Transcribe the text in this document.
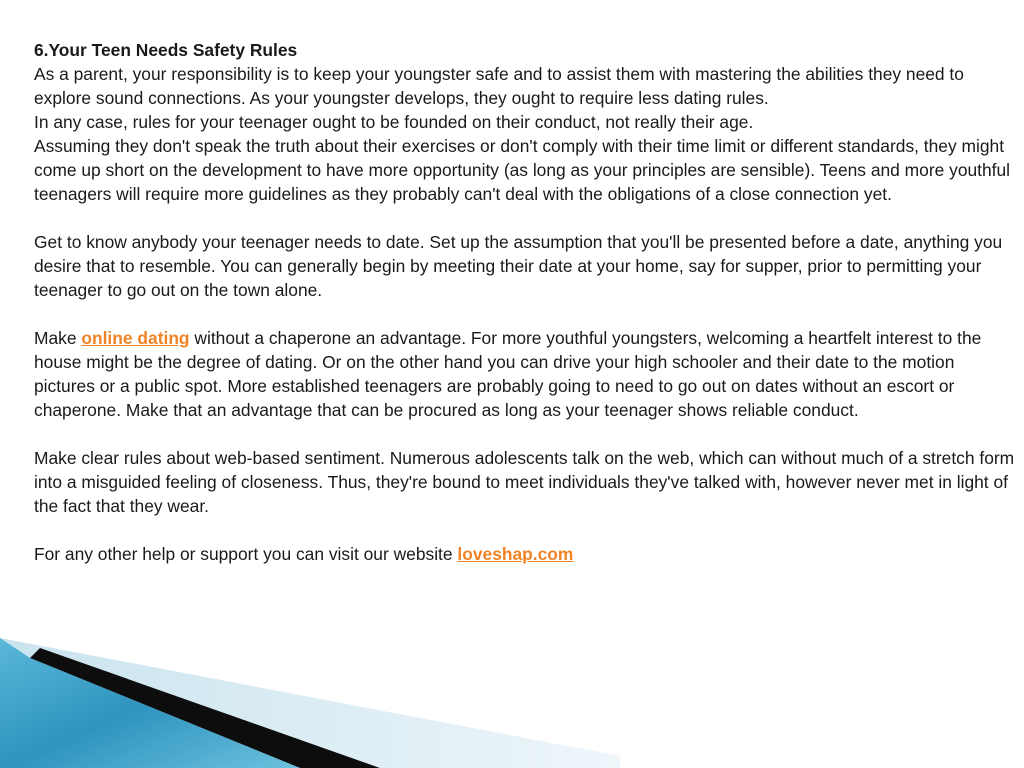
6.Your Teen Needs Safety Rules

As a parent, your responsibility is to keep your youngster safe and to assist them with mastering the abilities they need to explore sound connections. As your youngster develops, they ought to require less dating rules.

In any case, rules for your teenager ought to be founded on their conduct, not really their age.

Assuming they don't speak the truth about their exercises or don't comply with their time limit or different standards, they might come up short on the development to have more opportunity (as long as your principles are sensible). Teens and more youthful teenagers will require more guidelines as they probably can't deal with the obligations of a close connection yet.

Get to know anybody your teenager needs to date. Set up the assumption that you'll be presented before a date, anything you desire that to resemble. You can generally begin by meeting their date at your home, say for supper, prior to permitting your teenager to go out on the town alone.

Make online dating without a chaperone an advantage. For more youthful youngsters, welcoming a heartfelt interest to the house might be the degree of dating. Or on the other hand you can drive your high schooler and their date to the motion pictures or a public spot. More established teenagers are probably going to need to go out on dates without an escort or chaperone. Make that an advantage that can be procured as long as your teenager shows reliable conduct.

Make clear rules about web-based sentiment. Numerous adolescents talk on the web, which can without much of a stretch form into a misguided feeling of closeness. Thus, they're bound to meet individuals they've talked with, however never met in light of the fact that they wear.

For any other help or support you can visit our website loveshap.com
